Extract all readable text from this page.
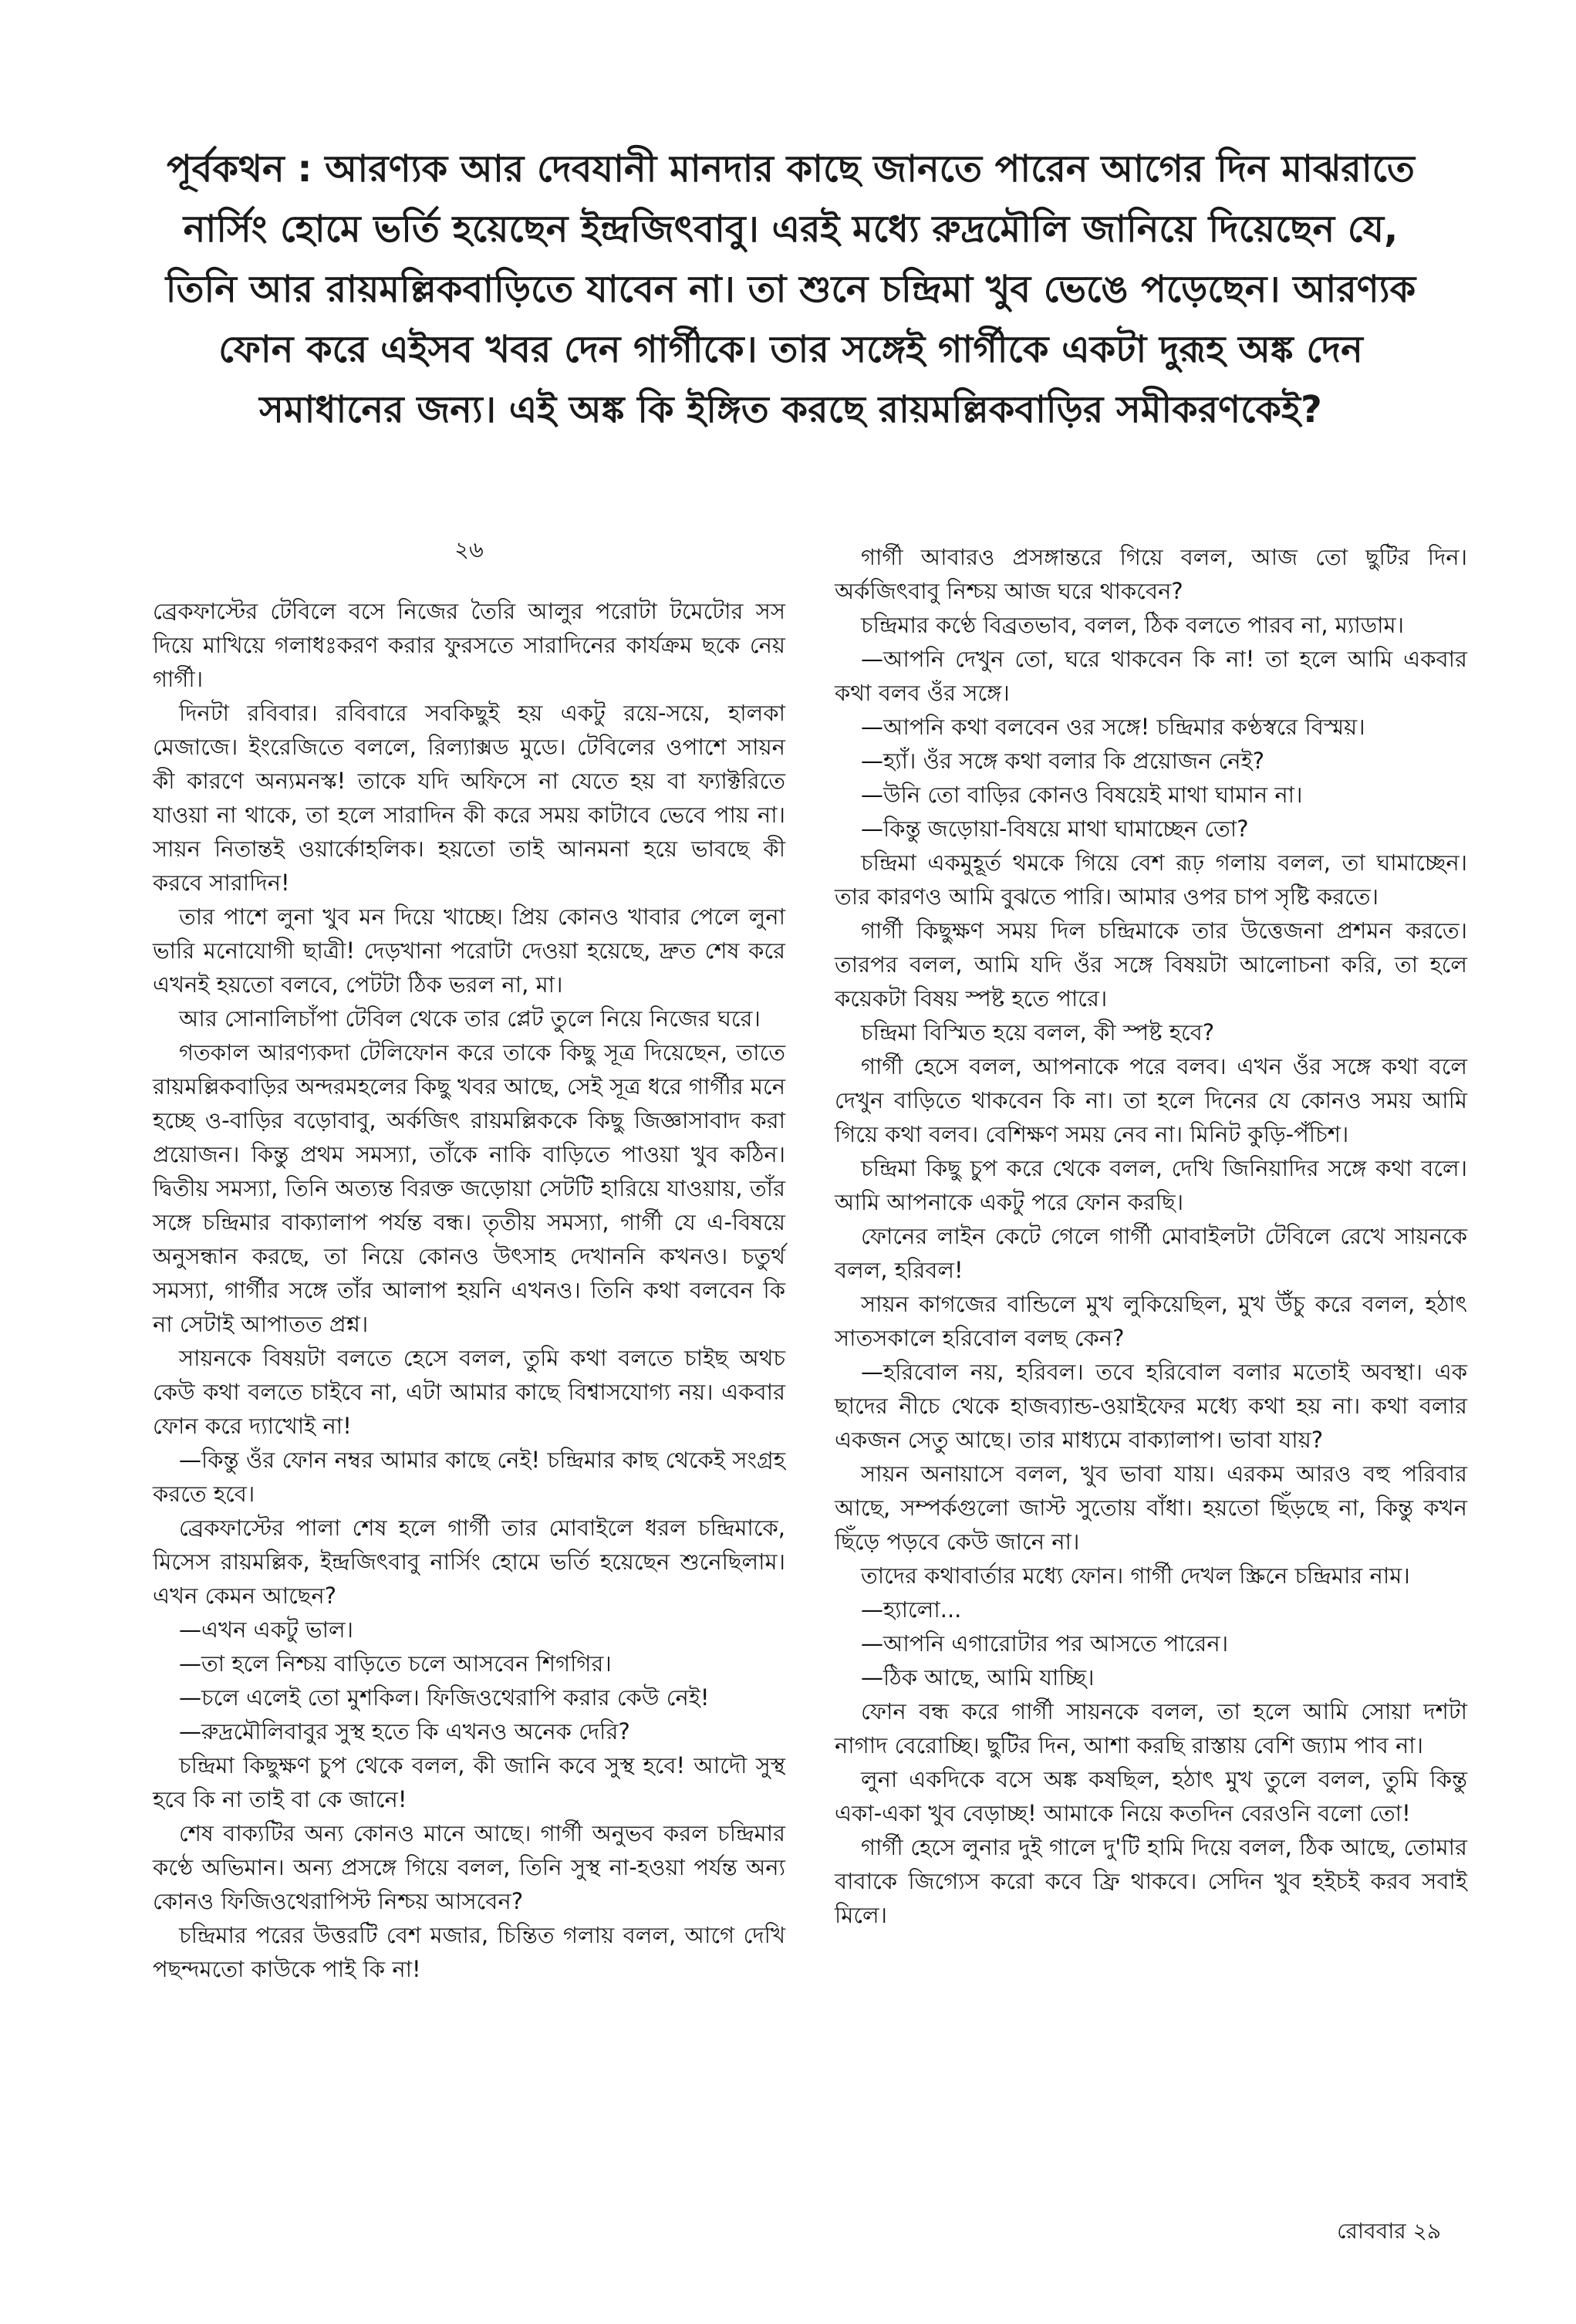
পূর্বকথন : আরণ্যক আর দেবযানী মানদার কাছে জানতে পারেন আগের দিন মাঝরাতে নার্সিং হোমে ভর্তি হয়েছেন ইন্দ্রজিৎবাবু। এরই মধ্যে রুদ্রমৌলি জানিয়ে দিয়েছেন যে, তিনি আর রায়মল্লিকবাড়িতে যাবেন না। তা শুনে চন্দ্রিমা খুব ভেঙে পড়েছেন। আরণ্যক ফোন করে এইসব খবর দেন গার্গীকে। তার সঙ্গেই গার্গীকে একটা দুরূহ অঙ্ক দেন সমাধানের জন্য। এই অঙ্ক কি ইঙ্গিত করছে রায়মল্লিকবাড়ির সমীকরণকেই?
২৬

ব্রেকফাস্টের টেবিলে বসে নিজের তৈরি আলুর পরোটা টমেটোর সস দিয়ে মাখিয়ে গলাধঃকরণ করার ফুরসতে সারাদিনের কার্যক্রম ছকে নেয় গার্গী।

দিনটা রবিবার। রবিবারে সবকিছুই হয় একটু রয়ে-সয়ে, হালকা মেজাজে। ইংরেজিতে বললে, রিল্যাক্সড মুডে। টেবিলের ওপাশে সায়ন কী কারণে অন্যমনস্ক! তাকে যদি অফিসে না যেতে হয় বা ফ্যাক্টরিতে যাওয়া না থাকে, তা হলে সারাদিন কী করে সময় কাটাবে ভেবে পায় না। সায়ন নিতান্তই ওয়ার্কোহলিক। হয়তো তাই আনমনা হয়ে ভাবছে কী করবে সারাদিন!

তার পাশে লুনা খুব মন দিয়ে খাচ্ছে। প্রিয় কোনও খাবার পেলে লুনা ভারি মনোযোগী ছাত্রী! দেড়খানা পরোটা দেওয়া হয়েছে, দ্রুত শেষ করে এখনই হয়তো বলবে, পেটটা ঠিক ভরল না, মা।

আর সোনালিচাঁপা টেবিল থেকে তার প্লেট তুলে নিয়ে নিজের ঘরে।

গতকাল আরণ্যকদা টেলিফোন করে তাকে কিছু সূত্র দিয়েছেন, তাতে রায়মল্লিকবাড়ির অন্দরমহলের কিছু খবর আছে, সেই সূত্র ধরে গার্গীর মনে হচ্ছে ও-বাড়ির বড়োবাবু, অর্কজিৎ রায়মল্লিককে কিছু জিজ্ঞাসাবাদ করা প্রয়োজন। কিন্তু প্রথম সমস্যা, তাঁকে নাকি বাড়িতে পাওয়া খুব কঠিন। দ্বিতীয় সমস্যা, তিনি অত্যন্ত বিরক্ত জড়োয়া সেটটি হারিয়ে যাওয়ায়, তাঁর সঙ্গে চন্দ্রিমার বাক্যালাপ পর্যন্ত বন্ধ। তৃতীয় সমস্যা, গার্গী যে এ-বিষয়ে অনুসন্ধান করছে, তা নিয়ে কোনও উৎসাহ দেখাননি কখনও। চতুর্থ সমস্যা, গার্গীর সঙ্গে তাঁর আলাপ হয়নি এখনও। তিনি কথা বলবেন কি না সেটাই আপাতত প্রশ্ন।

সায়নকে বিষয়টা বলতে হেসে বলল, তুমি কথা বলতে চাইছ অথচ কেউ কথা বলতে চাইবে না, এটা আমার কাছে বিশ্বাসযোগ্য নয়। একবার ফোন করে দ্যাখোই না!

—কিন্তু ওঁর ফোন নম্বর আমার কাছে নেই! চন্দ্রিমার কাছ থেকেই সংগ্রহ করতে হবে।

ব্রেকফাস্টের পালা শেষ হলে গার্গী তার মোবাইলে ধরল চন্দ্রিমাকে, মিসেস রায়মল্লিক, ইন্দ্রজিৎবাবু নার্সিং হোমে ভর্তি হয়েছেন শুনেছিলাম। এখন কেমন আছেন?

—এখন একটু ভাল।

—তা হলে নিশ্চয় বাড়িতে চলে আসবেন শিগগির।

—চলে এলেই তো মুশকিল। ফিজিওথেরাপি করার কেউ নেই!

—রুদ্রমৌলিবাবুর সুস্থ হতে কি এখনও অনেক দেরি?

চন্দ্রিমা কিছুক্ষণ চুপ থেকে বলল, কী জানি কবে সুস্থ হবে! আদৌ সুস্থ হবে কি না তাই বা কে জানে!

শেষ বাক্যটির অন্য কোনও মানে আছে। গার্গী অনুভব করল চন্দ্রিমার কণ্ঠে অভিমান। অন্য প্রসঙ্গে গিয়ে বলল, তিনি সুস্থ না-হওয়া পর্যন্ত অন্য কোনও ফিজিওথেরাপিস্ট নিশ্চয় আসবেন?

চন্দ্রিমার পরের উত্তরটি বেশ মজার, চিন্তিত গলায় বলল, আগে দেখি পছন্দমতো কাউকে পাই কি না!

গার্গী আবারও প্রসঙ্গান্তরে গিয়ে বলল, আজ তো ছুটির দিন। অর্কজিৎবাবু নিশ্চয় আজ ঘরে থাকবেন?

চন্দ্রিমার কণ্ঠে বিব্রতভাব, বলল, ঠিক বলতে পারব না, ম্যাডাম।

—আপনি দেখুন তো, ঘরে থাকবেন কি না! তা হলে আমি একবার কথা বলব ওঁর সঙ্গে।

—আপনি কথা বলবেন ওর সঙ্গে! চন্দ্রিমার কণ্ঠস্বরে বিস্ময়।

—হ্যাঁ। ওঁর সঙ্গে কথা বলার কি প্রয়োজন নেই?

—উনি তো বাড়ির কোনও বিষয়েই মাথা ঘামান না।

—কিন্তু জড়োয়া-বিষয়ে মাথা ঘামাচ্ছেন তো?

চন্দ্রিমা একমুহূর্ত থমকে গিয়ে বেশ রূঢ় গলায় বলল, তা ঘামাচ্ছেন। তার কারণও আমি বুঝতে পারি। আমার ওপর চাপ সৃষ্টি করতে।

গার্গী কিছুক্ষণ সময় দিল চন্দ্রিমাকে তার উত্তেজনা প্রশমন করতে। তারপর বলল, আমি যদি ওঁর সঙ্গে বিষয়টা আলোচনা করি, তা হলে কয়েকটা বিষয় স্পষ্ট হতে পারে।

চন্দ্রিমা বিস্মিত হয়ে বলল, কী স্পষ্ট হবে?

গার্গী হেসে বলল, আপনাকে পরে বলব। এখন ওঁর সঙ্গে কথা বলে দেখুন বাড়িতে থাকবেন কি না। তা হলে দিনের যে কোনও সময় আমি গিয়ে কথা বলব। বেশিক্ষণ সময় নেব না। মিনিট কুড়ি-পঁচিশ।

চন্দ্রিমা কিছু চুপ করে থেকে বলল, দেখি জিনিয়াদির সঙ্গে কথা বলে। আমি আপনাকে একটু পরে ফোন করছি।

ফোনের লাইন কেটে গেলে গার্গী মোবাইলটা টেবিলে রেখে সায়নকে বলল, হরিবল!

সায়ন কাগজের বান্ডিলে মুখ লুকিয়েছিল, মুখ উঁচু করে বলল, হঠাৎ সাতসকালে হরিবোল বলছ কেন?

—হরিবোল নয়, হরিবল। তবে হরিবোল বলার মতোই অবস্থা। এক ছাদের নীচে থেকে হাজব্যান্ড-ওয়াইফের মধ্যে কথা হয় না। কথা বলার একজন সেতু আছে। তার মাধ্যমে বাক্যালাপ। ভাবা যায়?

সায়ন অনায়াসে বলল, খুব ভাবা যায়। এরকম আরও বহু পরিবার আছে, সম্পর্কগুলো জাস্ট সুতোয় বাঁধা। হয়তো ছিঁড়ছে না, কিন্তু কখন ছিঁড়ে পড়বে কেউ জানে না।

তাদের কথাবার্তার মধ্যে ফোন। গার্গী দেখল স্ক্রিনে চন্দ্রিমার নাম।

—হ্যালো...

—আপনি এগারোটার পর আসতে পারেন।

—ঠিক আছে, আমি যাচ্ছি।

ফোন বন্ধ করে গার্গী সায়নকে বলল, তা হলে আমি সোয়া দশটা নাগাদ বেরোচ্ছি। ছুটির দিন, আশা করছি রাস্তায় বেশি জ্যাম পাব না।

লুনা একদিকে বসে অঙ্ক কষছিল, হঠাৎ মুখ তুলে বলল, তুমি কিন্তু একা-একা খুব বেড়াচ্ছ! আমাকে নিয়ে কতদিন বেরওনি বলো তো!

গার্গী হেসে লুনার দুই গালে দু'টি হামি দিয়ে বলল, ঠিক আছে, তোমার বাবাকে জিগ্যেস করো কবে ফ্রি থাকবে। সেদিন খুব হইচই করব সবাই মিলে।

রোববার ২৯
